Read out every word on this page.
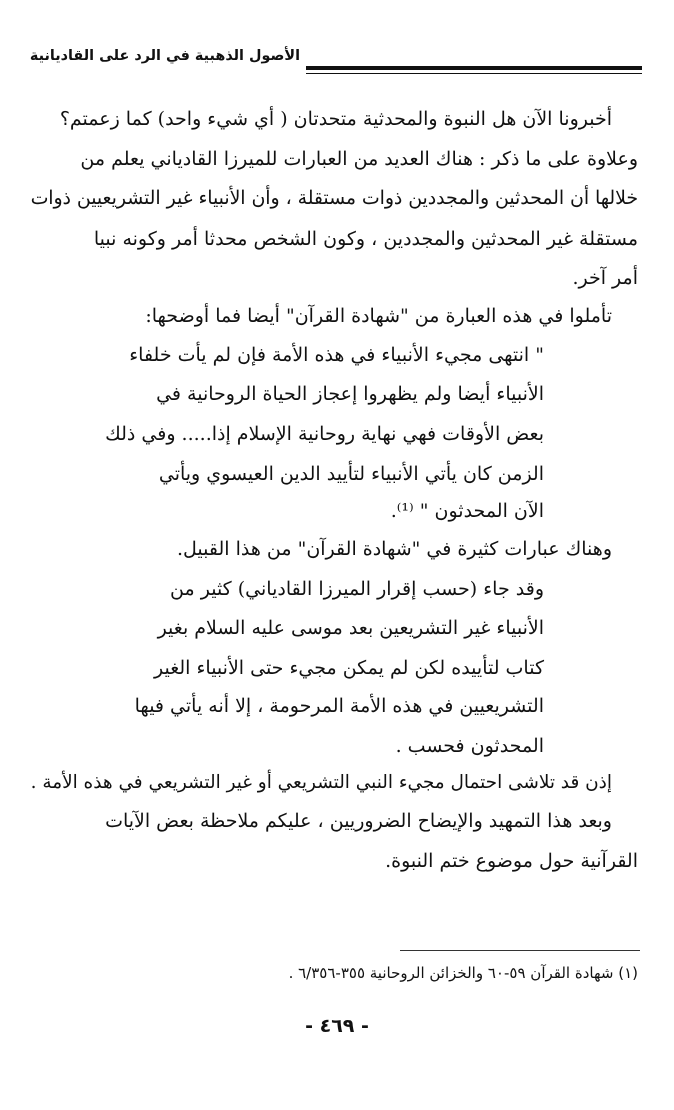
الأصول الذهبية في الرد على القاديانية
أخبرونا الآن هل النبوة والمحدثية متحدتان ( أي شيء واحد) كما زعمتم؟
وعلاوة على ما ذكر : هناك العديد من العبارات للميرزا القادياني يعلم من
خلالها أن المحدثين والمجددين ذوات مستقلة ، وأن الأنبياء غير التشريعيين ذوات
مستقلة غير المحدثين والمجددين ، وكون الشخص محدثا أمر وكونه نبيا
أمر آخر.
تأملوا في هذه العبارة من "شهادة القرآن" أيضا فما أوضحها:
" انتهى مجيء الأنبياء في هذه الأمة فإن لم يأت خلفاء
الأنبياء أيضا ولم يظهروا إعجاز الحياة الروحانية في
بعض الأوقات فهي نهاية روحانية الإسلام إذا..... وفي ذلك
الزمن كان يأتي الأنبياء لتأييد الدين العيسوي ويأتي
الآن المحدثون " ⁽¹⁾.
وهناك عبارات كثيرة في "شهادة القرآن" من هذا القبيل.
وقد جاء (حسب إقرار الميرزا القادياني) كثير من
الأنبياء غير التشريعين بعد موسى عليه السلام بغير
كتاب لتأييده لكن لم يمكن مجيء حتى الأنبياء الغير
التشريعيين في هذه الأمة المرحومة ، إلا أنه يأتي فيها
المحدثون فحسب .
إذن قد تلاشى احتمال مجيء النبي التشريعي أو غير التشريعي في هذه الأمة .
وبعد هذا التمهيد والإيضاح الضروريين ، عليكم ملاحظة بعض الآيات
القرآنية حول موضوع ختم النبوة.
(١) شهادة القرآن ٥٩-٦٠ والخزائن الروحانية ٣٥٥-٦/٣٥٦ .
- ٤٦٩ -
